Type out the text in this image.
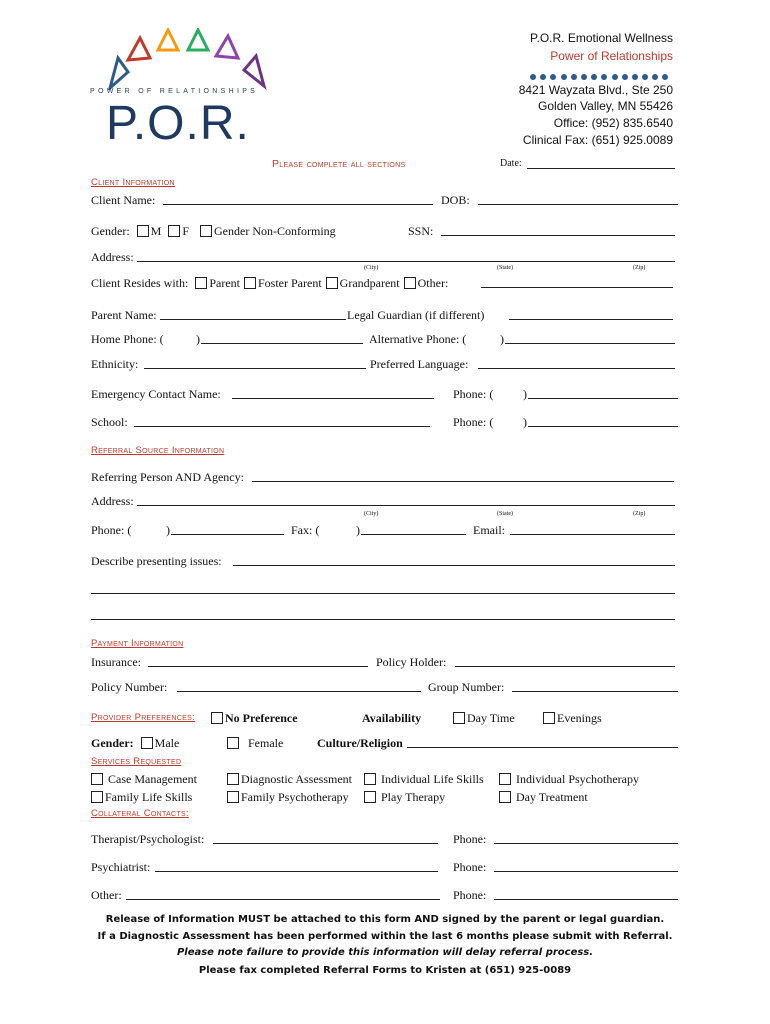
POWER OF RELATIONSHIPS
P.O.R.
P.O.R. Emotional Wellness
Power of Relationships
8421 Wayzata Blvd., Ste 250
Golden Valley, MN 55426
Office: (952) 835.6540
Clinical Fax: (651) 925.0089
Please complete all sections	Date:
Client Information
Client Name:	DOB:
Gender: M F Gender Non-Conforming	SSN:
Address:
(City)	(State)	(Zip)
Client Resides with: Parent Foster Parent Grandparent Other:
Parent Name:	Legal Guardian (if different)
Home Phone: (	)	Alternative Phone: (	)
Ethnicity:	Preferred Language:
Emergency Contact Name:	Phone: ( )
School:	Phone: ( )
Referral Source Information
Referring Person AND Agency:
Address:
(City)	(State)	(Zip)
Phone: (	)	Fax: (	)	Email:
Describe presenting issues:
Payment Information
Insurance:	Policy Holder:
Policy Number:	Group Number:
Provider Preferences:	No Preference	Availability	Day Time	Evenings
Gender: Male	Female	Culture/Religion
Services Requested
Case Management	Diagnostic Assessment	Individual Life Skills	Individual Psychotherapy
Family Life Skills	Family Psychotherapy	Play Therapy	Day Treatment
Collateral Contacts:
Therapist/Psychologist:	Phone:
Psychiatrist:	Phone:
Other:	Phone:
Release of Information MUST be attached to this form AND signed by the parent or legal guardian.
If a Diagnostic Assessment has been performed within the last 6 months please submit with Referral.
Please note failure to provide this information will delay referral process.
Please fax completed Referral Forms to Kristen at (651) 925-0089
